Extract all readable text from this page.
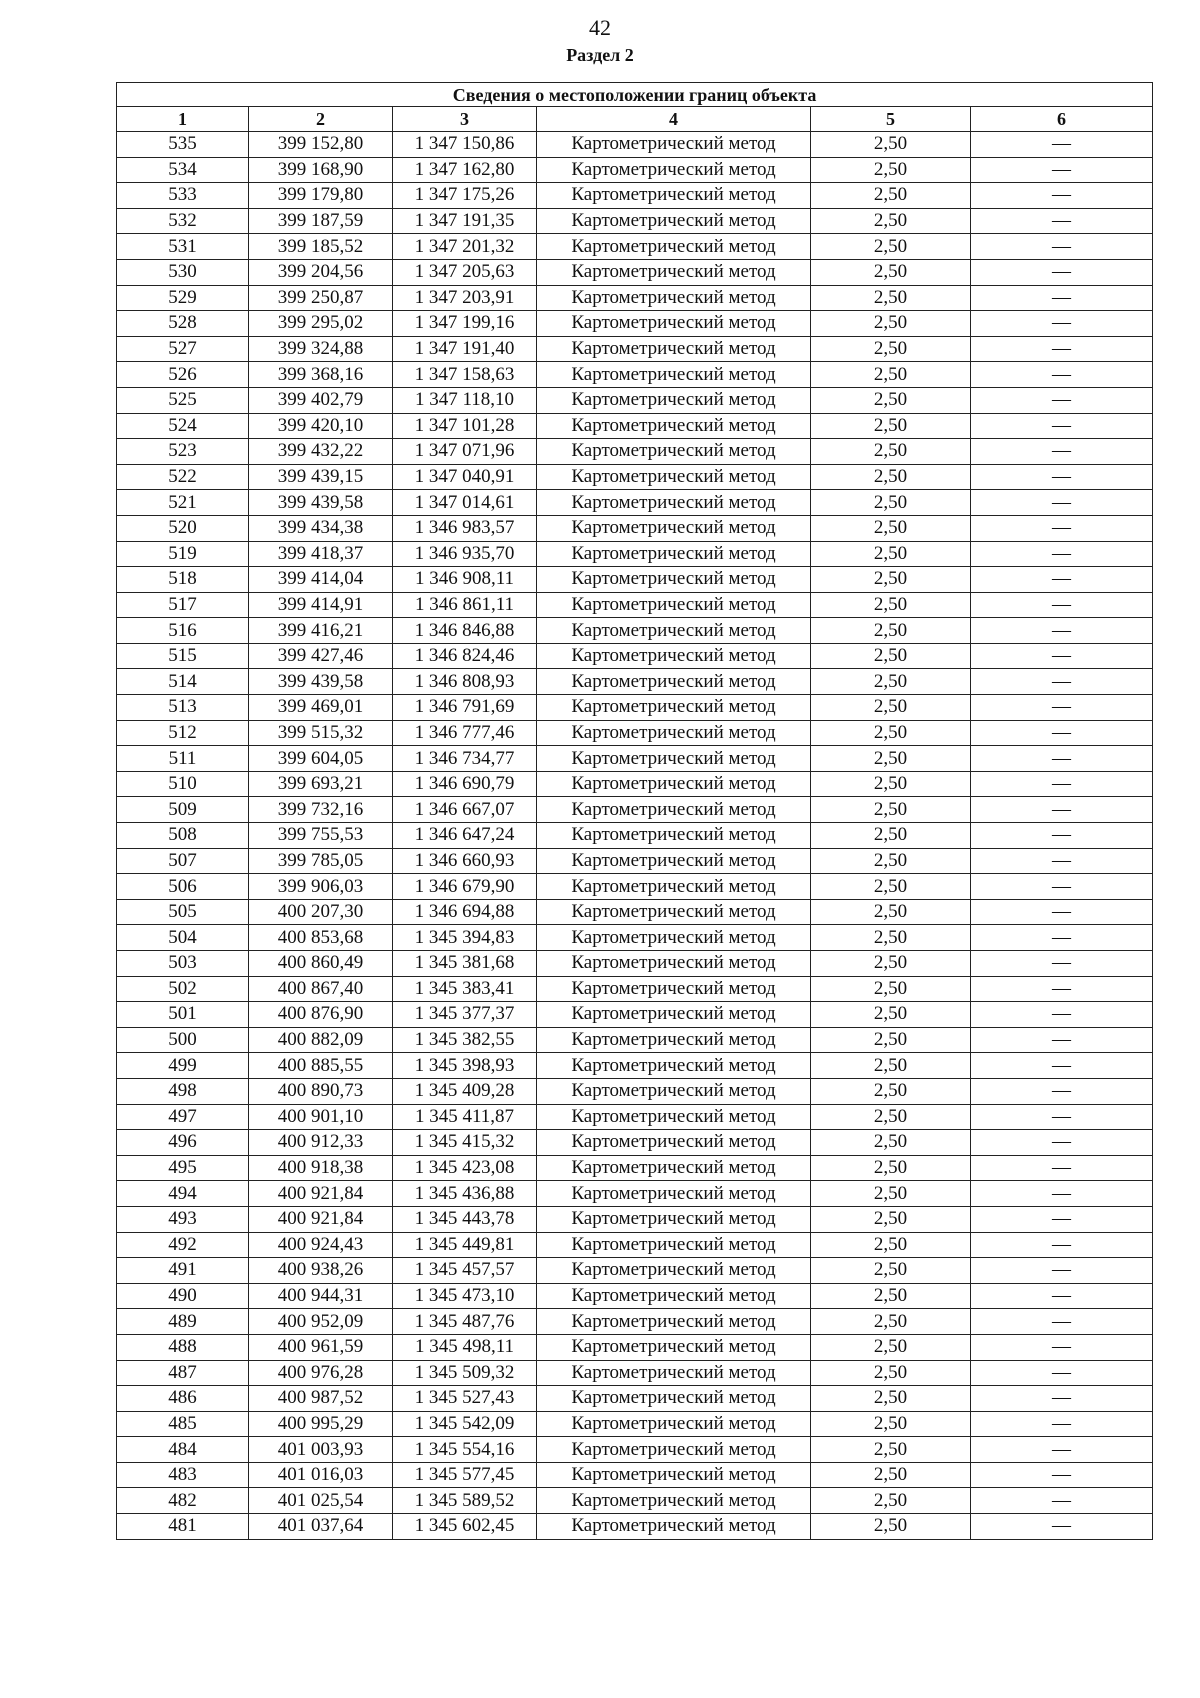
42
Раздел 2
Сведения о местоположении границ объекта					
1	2	3	4	5	6
535	399 152,80	1 347 150,86	Картометрический метод	2,50	—
534	399 168,90	1 347 162,80	Картометрический метод	2,50	—
533	399 179,80	1 347 175,26	Картометрический метод	2,50	—
532	399 187,59	1 347 191,35	Картометрический метод	2,50	—
531	399 185,52	1 347 201,32	Картометрический метод	2,50	—
530	399 204,56	1 347 205,63	Картометрический метод	2,50	—
529	399 250,87	1 347 203,91	Картометрический метод	2,50	—
528	399 295,02	1 347 199,16	Картометрический метод	2,50	—
527	399 324,88	1 347 191,40	Картометрический метод	2,50	—
526	399 368,16	1 347 158,63	Картометрический метод	2,50	—
525	399 402,79	1 347 118,10	Картометрический метод	2,50	—
524	399 420,10	1 347 101,28	Картометрический метод	2,50	—
523	399 432,22	1 347 071,96	Картометрический метод	2,50	—
522	399 439,15	1 347 040,91	Картометрический метод	2,50	—
521	399 439,58	1 347 014,61	Картометрический метод	2,50	—
520	399 434,38	1 346 983,57	Картометрический метод	2,50	—
519	399 418,37	1 346 935,70	Картометрический метод	2,50	—
518	399 414,04	1 346 908,11	Картометрический метод	2,50	—
517	399 414,91	1 346 861,11	Картометрический метод	2,50	—
516	399 416,21	1 346 846,88	Картометрический метод	2,50	—
515	399 427,46	1 346 824,46	Картометрический метод	2,50	—
514	399 439,58	1 346 808,93	Картометрический метод	2,50	—
513	399 469,01	1 346 791,69	Картометрический метод	2,50	—
512	399 515,32	1 346 777,46	Картометрический метод	2,50	—
511	399 604,05	1 346 734,77	Картометрический метод	2,50	—
510	399 693,21	1 346 690,79	Картометрический метод	2,50	—
509	399 732,16	1 346 667,07	Картометрический метод	2,50	—
508	399 755,53	1 346 647,24	Картометрический метод	2,50	—
507	399 785,05	1 346 660,93	Картометрический метод	2,50	—
506	399 906,03	1 346 679,90	Картометрический метод	2,50	—
505	400 207,30	1 346 694,88	Картометрический метод	2,50	—
504	400 853,68	1 345 394,83	Картометрический метод	2,50	—
503	400 860,49	1 345 381,68	Картометрический метод	2,50	—
502	400 867,40	1 345 383,41	Картометрический метод	2,50	—
501	400 876,90	1 345 377,37	Картометрический метод	2,50	—
500	400 882,09	1 345 382,55	Картометрический метод	2,50	—
499	400 885,55	1 345 398,93	Картометрический метод	2,50	—
498	400 890,73	1 345 409,28	Картометрический метод	2,50	—
497	400 901,10	1 345 411,87	Картометрический метод	2,50	—
496	400 912,33	1 345 415,32	Картометрический метод	2,50	—
495	400 918,38	1 345 423,08	Картометрический метод	2,50	—
494	400 921,84	1 345 436,88	Картометрический метод	2,50	—
493	400 921,84	1 345 443,78	Картометрический метод	2,50	—
492	400 924,43	1 345 449,81	Картометрический метод	2,50	—
491	400 938,26	1 345 457,57	Картометрический метод	2,50	—
490	400 944,31	1 345 473,10	Картометрический метод	2,50	—
489	400 952,09	1 345 487,76	Картометрический метод	2,50	—
488	400 961,59	1 345 498,11	Картометрический метод	2,50	—
487	400 976,28	1 345 509,32	Картометрический метод	2,50	—
486	400 987,52	1 345 527,43	Картометрический метод	2,50	—
485	400 995,29	1 345 542,09	Картометрический метод	2,50	—
484	401 003,93	1 345 554,16	Картометрический метод	2,50	—
483	401 016,03	1 345 577,45	Картометрический метод	2,50	—
482	401 025,54	1 345 589,52	Картометрический метод	2,50	—
481	401 037,64	1 345 602,45	Картометрический метод	2,50	—
